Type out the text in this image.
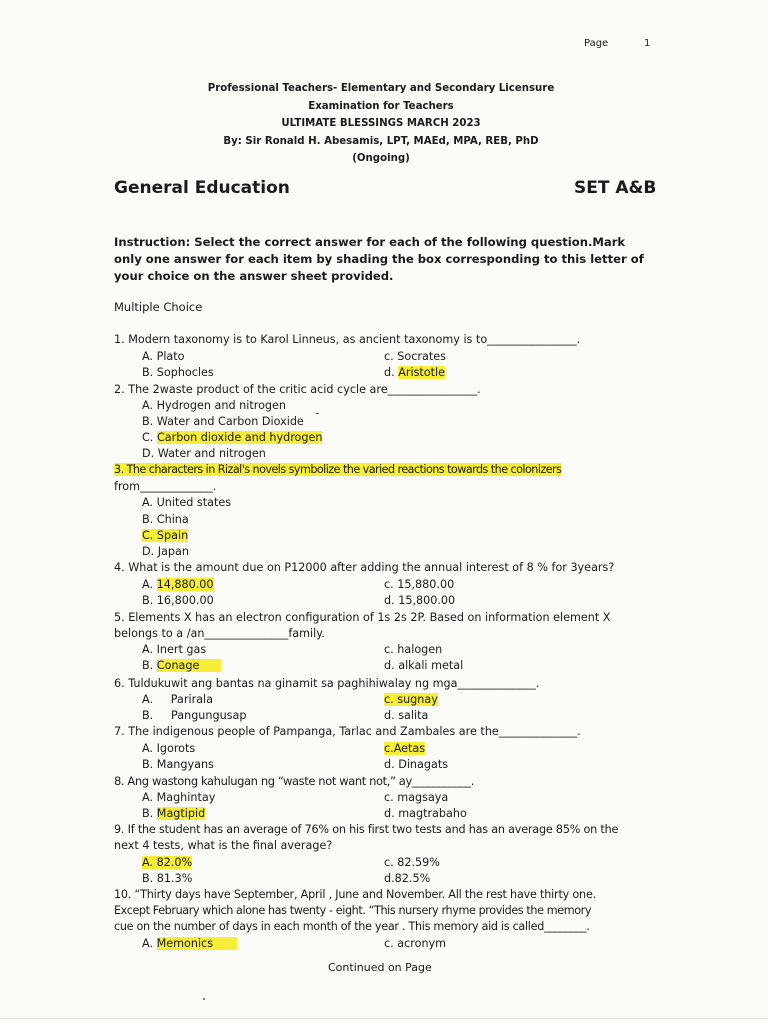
Page	1
Professional Teachers- Elementary and Secondary Licensure
Examination for Teachers
ULTIMATE BLESSINGS MARCH 2023
By: Sir Ronald H. Abesamis, LPT, MAEd, MPA, REB, PhD
(Ongoing)
General Education	SET A&B
Instruction: Select the correct answer for each of the following question.Mark only one answer for each item by shading the box corresponding to this letter of your choice on the answer sheet provided.
Multiple Choice
1. Modern taxonomy is to Karol Linneus, as ancient taxonomy is to________________.
A. Plato	c. Socrates
B. Sophocles	d. Aristotle
2. The 2waste product of the critic acid cycle are________________.
A. Hydrogen and nitrogen
B. Water and Carbon Dioxide
C. Carbon dioxide and hydrogen
D. Water and nitrogen
3. The characters in Rizal's novels symbolize the varied reactions towards the colonizers
from_____________.
A. United states
B. China
C. Spain
D. Japan
4. What is the amount due on P12000 after adding the annual interest of 8 % for 3years?
A. 14,880.00	c. 15,880.00
B. 16,800.00	d. 15,800.00
5. Elements X has an electron configuration of 1s 2s 2P. Based on information element X
belongs to a /an_______________family.
A. Inert gas	c. halogen
B. Conage	d. alkali metal
6. Tuldukuwit ang bantas na ginamit sa paghihiwalay ng mga______________.
A.     Parirala	c. sugnay
B.     Pangungusap	d. salita
7. The indigenous people of Pampanga, Tarlac and Zambales are the______________.
A. Igorots	c.Aetas
B. Mangyans	d. Dinagats
8. Ang wastong kahulugan ng “waste not want not,” ay___________.
A. Maghintay	c. magsaya
B. Magtipid	d. magtrabaho
9. If the student has an average of 76% on his first two tests and has an average 85% on the
next 4 tests, what is the final average?
A. 82.0%	c. 82.59%
B. 81.3%	d.82.5%
10. “Thirty days have September, April , June and November. All the rest have thirty one.
Except February which alone has twenty - eight. “This nursery rhyme provides the memory
cue on the number of days in each month of the year . This memory aid is called________.
A. Memonics	c. acronym
Continued on Page
